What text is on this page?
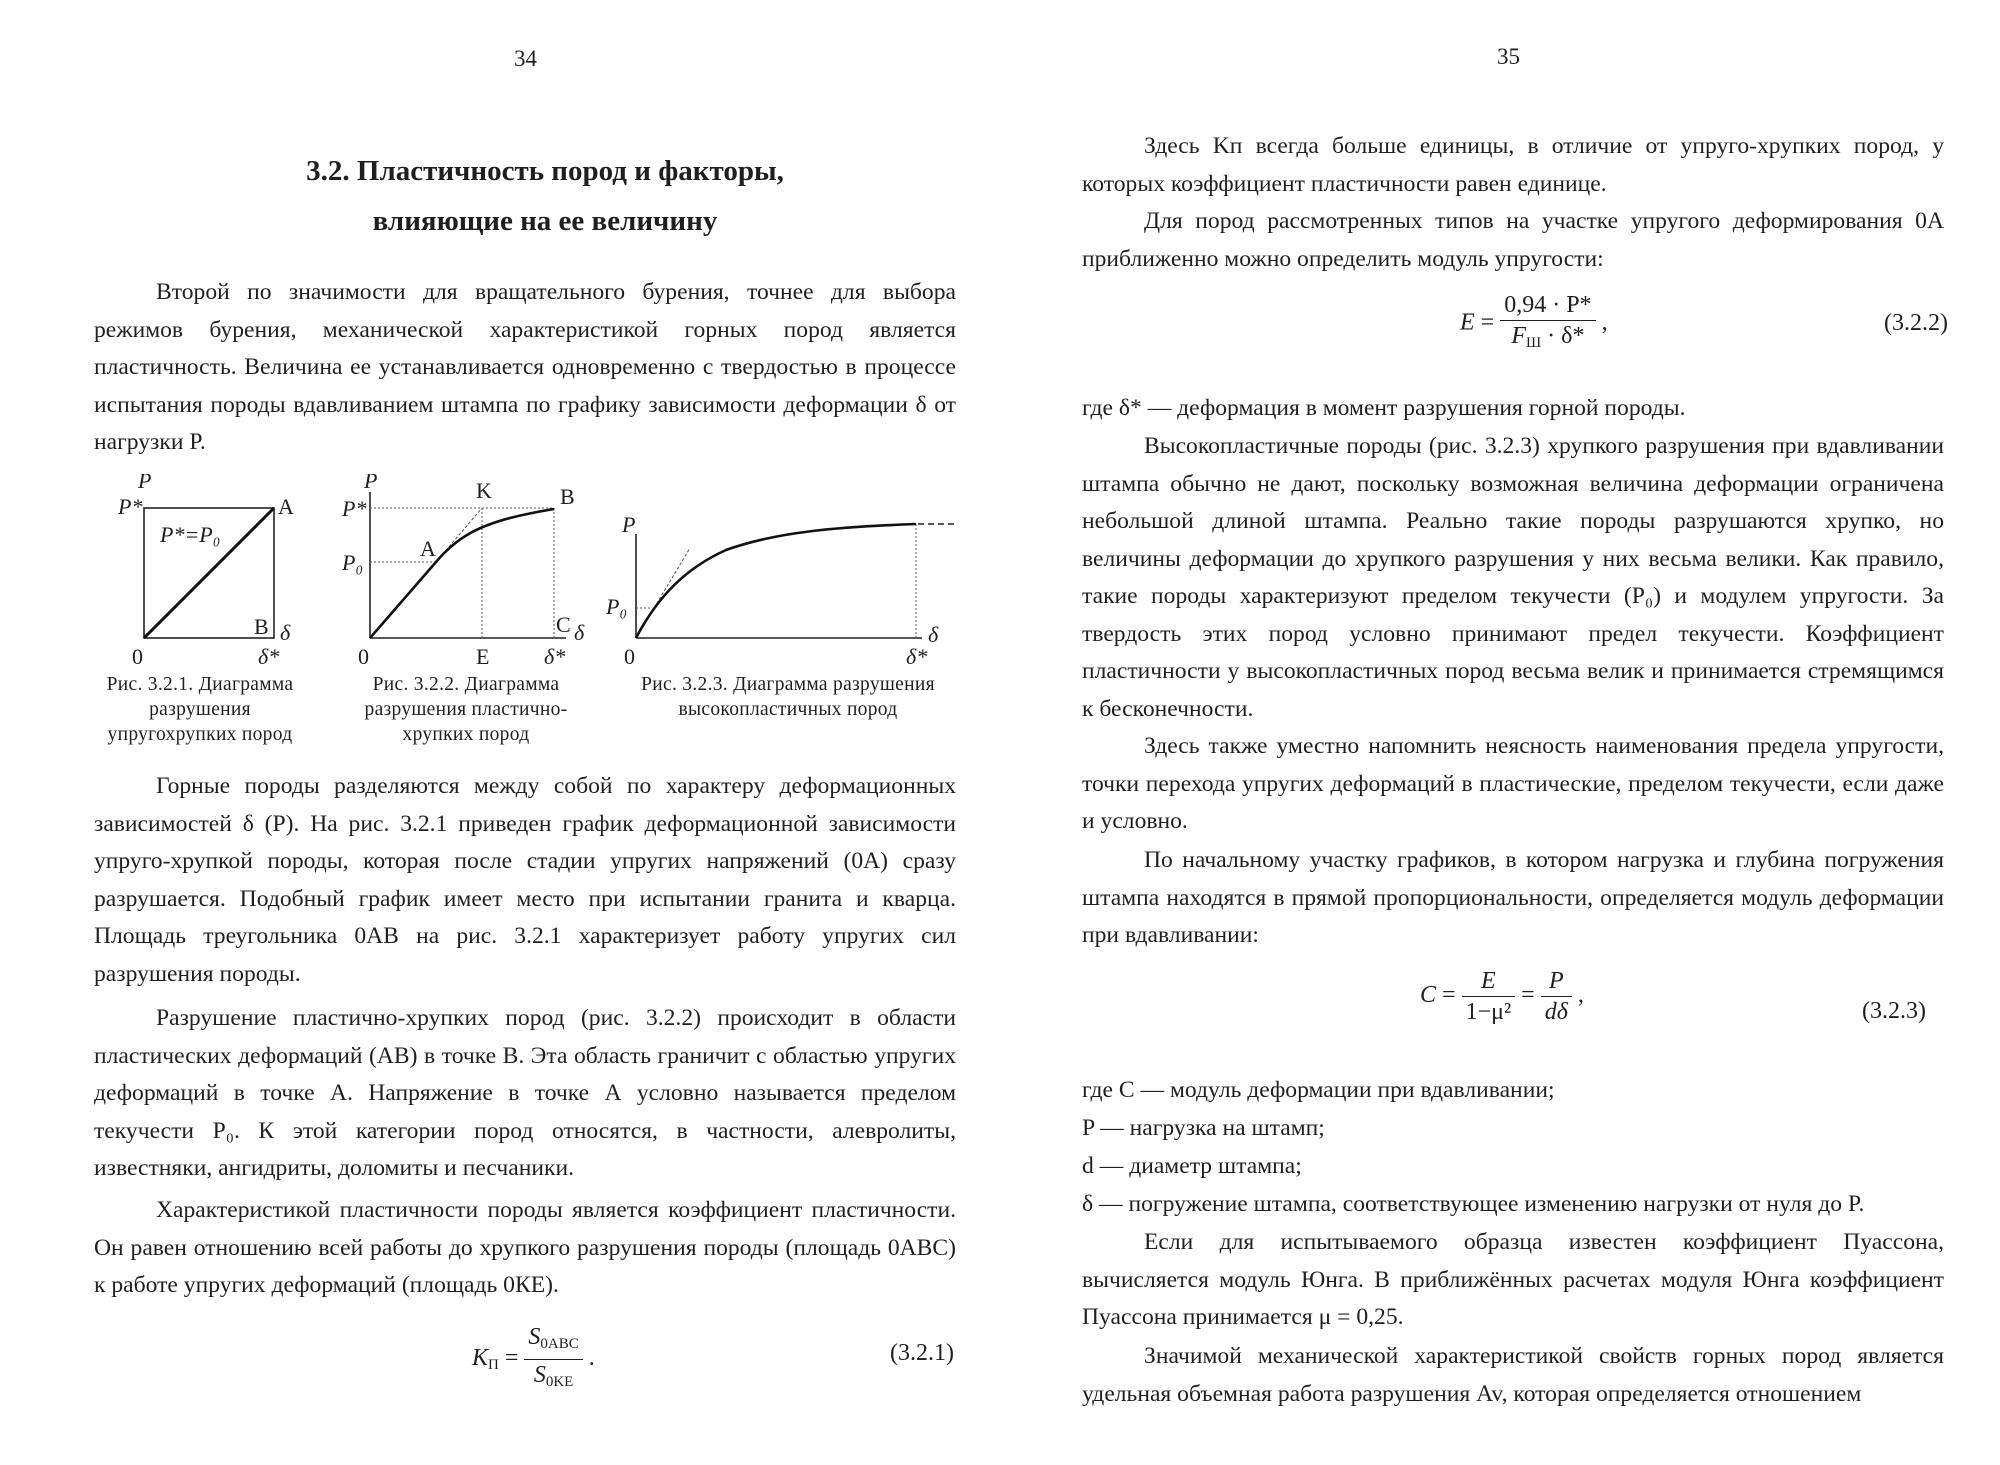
34
3.2. Пластичность пород и факторы,
влияющие на ее величину

Второй по значимости для вращательного бурения, точнее для выбора режимов бурения, механической характеристикой горных пород является пластичность. Величина ее устанавливается одновременно с твердостью в процессе испытания породы вдавливанием штампа по графику зависимости деформации δ от нагрузки P.

P
P*
P*=P₀
A
B δ
0	δ*
Рис. 3.2.1. Диаграмма разрушения упругохрупких пород
P
P*
P₀
K	B
A
E
C δ
0	δ*
Рис. 3.2.2. Диаграмма разрушения пластично-хрупких пород
P
P₀
0
δ
δ*
Рис. 3.2.3. Диаграмма разрушения высокопластичных пород

Горные породы разделяются между собой по характеру деформационных зависимостей δ (P). На рис. 3.2.1 приведен график деформационной зависимости упруго-хрупкой породы, которая после стадии упругих напряжений (0А) сразу разрушается. Подобный график имеет место при испытании гранита и кварца. Площадь треугольника 0АВ на рис. 3.2.1 характеризует работу упругих сил разрушения породы.

Разрушение пластично-хрупких пород (рис. 3.2.2) происходит в области пластических деформаций (АВ) в точке В. Эта область граничит с областью упругих деформаций в точке А. Напряжение в точке А условно называется пределом текучести P₀. К этой категории пород относятся, в частности, алевролиты, известняки, ангидриты, доломиты и песчаники.

Характеристикой пластичности породы является коэффициент пластичности. Он равен отношению всей работы до хрупкого разрушения породы (площадь 0АВС) к работе упругих деформаций (площадь 0КЕ).

$K_П = \frac{S_{0ABC}}{S_{0KE}}$ .	(3.2.1)
35

Здесь Kп всегда больше единицы, в отличие от упруго-хрупких пород, у которых коэффициент пластичности равен единице.

Для пород рассмотренных типов на участке упругого деформирования 0А приближенно можно определить модуль упругости:

$E = \frac{0,94 \cdot P*}{F_Ш \cdot \delta*}$ ,	(3.2.2)

где δ* — деформация в момент разрушения горной породы.

Высокопластичные породы (рис. 3.2.3) хрупкого разрушения при вдавливании штампа обычно не дают, поскольку возможная величина деформации ограничена небольшой длиной штампа. Реально такие породы разрушаются хрупко, но величины деформации до хрупкого разрушения у них весьма велики. Как правило, такие породы характеризуют пределом текучести (P₀) и модулем упругости. За твердость этих пород условно принимают предел текучести. Коэффициент пластичности у высокопластичных пород весьма велик и принимается стремящимся к бесконечности.

Здесь также уместно напомнить неясность наименования предела упругости, точки перехода упругих деформаций в пластические, пределом текучести, если даже и условно.

По начальному участку графиков, в котором нагрузка и глубина погружения штампа находятся в прямой пропорциональности, определяется модуль деформации при вдавливании:

$C = \frac{E}{\text{1−μ²}} = \frac{P}{d\delta}$ ,
(3.2.3)
где C — модуль деформации при вдавливании;
P — нагрузка на штамп;
d — диаметр штампа;
δ — погружение штампа, соответствующее изменению нагрузки от нуля до P.

Если для испытываемого образца известен коэффициент Пуассона, вычисляется модуль Юнга. В приближённых расчетах модуля Юнга коэффициент Пуассона принимается μ = 0,25.

Значимой механической характеристикой свойств горных пород является удельная объемная работа разрушения Av, которая определяется отношением
